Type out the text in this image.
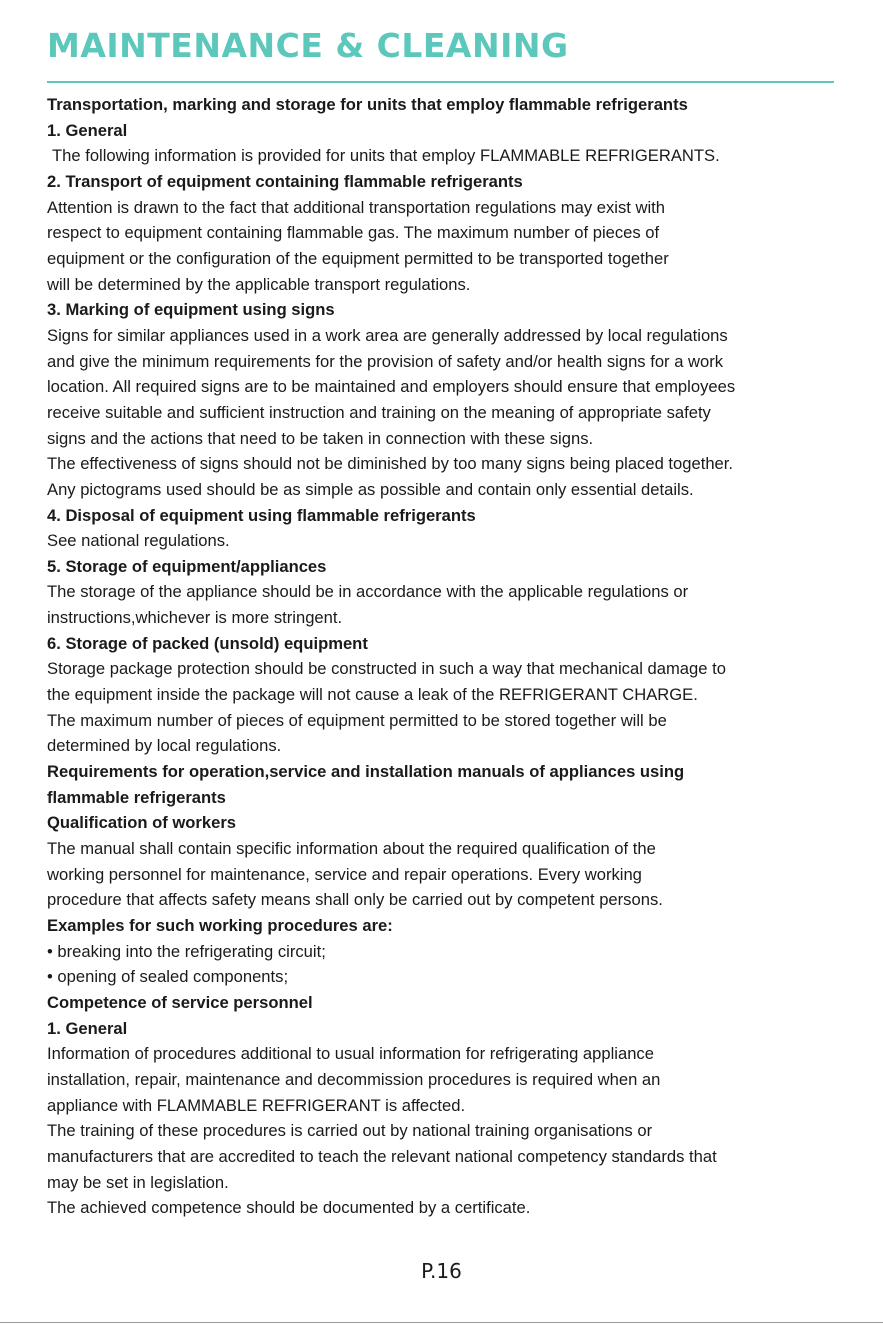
MAINTENANCE & CLEANING
Transportation, marking and storage for units that employ flammable refrigerants
1. General
The following information is provided for units that employ FLAMMABLE REFRIGERANTS.
2. Transport of equipment containing flammable refrigerants
Attention is drawn to the fact that additional transportation regulations may exist with
respect to equipment containing flammable gas. The maximum number of pieces of
equipment or the configuration of the equipment permitted to be transported together
will be determined by the applicable transport regulations.
3. Marking of equipment using signs
Signs for similar appliances used in a work area are generally addressed by local regulations
and give the minimum requirements for the provision of safety and/or health signs for a work
location. All required signs are to be maintained and employers should ensure that employees
receive suitable and sufficient instruction and training on the meaning of appropriate safety
signs and the actions that need to be taken in connection with these signs.
The effectiveness of signs should not be diminished by too many signs being placed together.
Any pictograms used should be as simple as possible and contain only essential details.
4. Disposal of equipment using flammable refrigerants
See national regulations.
5. Storage of equipment/appliances
The storage of the appliance should be in accordance with the applicable regulations or
instructions,whichever is more stringent.
6. Storage of packed (unsold) equipment
Storage package protection should be constructed in such a way that mechanical damage to
the equipment inside the package will not cause a leak of the REFRIGERANT CHARGE.
The maximum number of pieces of equipment permitted to be stored together will be
determined by local regulations.
Requirements for operation,service and installation manuals of appliances using
flammable refrigerants
Qualification of workers
The manual shall contain specific information about the required qualification of the
working personnel for maintenance, service and repair operations. Every working
procedure that affects safety means shall only be carried out by competent persons.
Examples for such working procedures are:
• breaking into the refrigerating circuit;
• opening of sealed components;
Competence of service personnel
1. General
Information of procedures additional to usual information for refrigerating appliance
installation, repair, maintenance and decommission procedures is required when an
appliance with FLAMMABLE REFRIGERANT is affected.
The training of these procedures is carried out by national training organisations or
manufacturers that are accredited to teach the relevant national competency standards that
may be set in legislation.
The achieved competence should be documented by a certificate.
P.16
